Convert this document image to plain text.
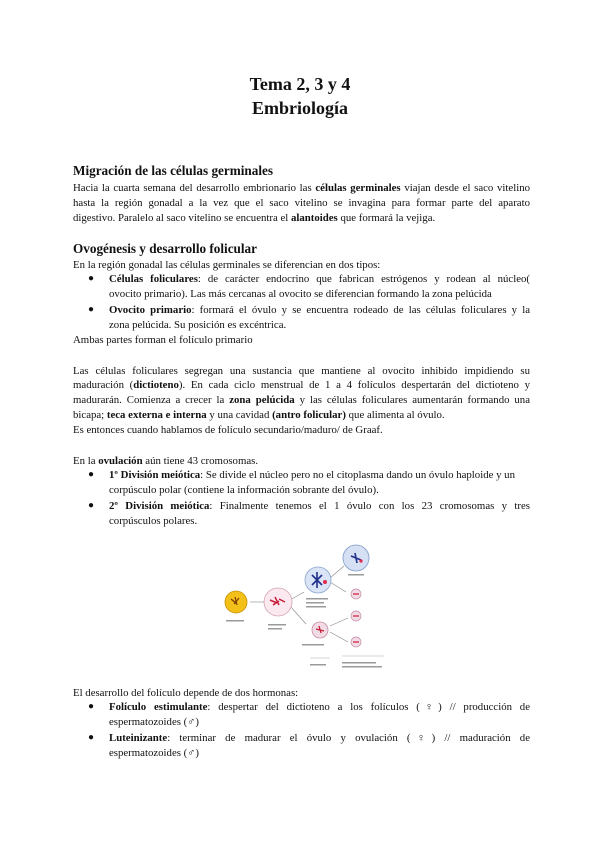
Tema 2, 3 y 4
Embriología
Migración de las células germinales
Hacia la cuarta semana del desarrollo embrionario las células germinales viajan desde el saco vitelino
hasta la región gonadal a la vez que el saco vitelino se invagina para formar parte del aparato
digestivo. Paralelo al saco vitelino se encuentra el alantoides que formará la vejiga.
Ovogénesis y desarrollo folicular
En la región gonadal las células germinales se diferencian en dos tipos:
● Células foliculares: de carácter endocrino que fabrican estrógenos y rodean al núcleo(
ovocito primario). Las más cercanas al ovocito se diferencian formando la zona pelúcida
● Ovocito primario: formará el óvulo y se encuentra rodeado de las células foliculares y la
zona pelúcida. Su posición es excéntrica.
Ambas partes forman el folículo primario
Las células foliculares segregan una sustancia que mantiene al ovocito inhibido impidiendo su
maduración (dictioteno). En cada ciclo menstrual de 1 a 4 folículos despertarán del dictioteno y
madurarán. Comienza a crecer la zona pelúcida y las células foliculares aumentarán formando una
bicapa; teca externa e interna y una cavidad (antro folicular) que alimenta al óvulo.
Es entonces cuando hablamos de folículo secundario/maduro/ de Graaf.
En la ovulación aún tiene 43 cromosomas.
● 1º División meiótica: Se divide el núcleo pero no el citoplasma dando un óvulo haploide y un
corpúsculo polar (contiene la información sobrante del óvulo).
● 2º División meiótica: Finalmente tenemos el 1 óvulo con los 23 cromosomas y tres
corpúsculos polares.
El desarrollo del folículo depende de dos hormonas:
● Folículo estimulante: despertar del dictioteno a los folículos (♀) // producción de
espermatozoides (♂)
● Luteinizante: terminar de madurar el óvulo y ovulación (♀) // maduración de
espermatozoides (♂)
